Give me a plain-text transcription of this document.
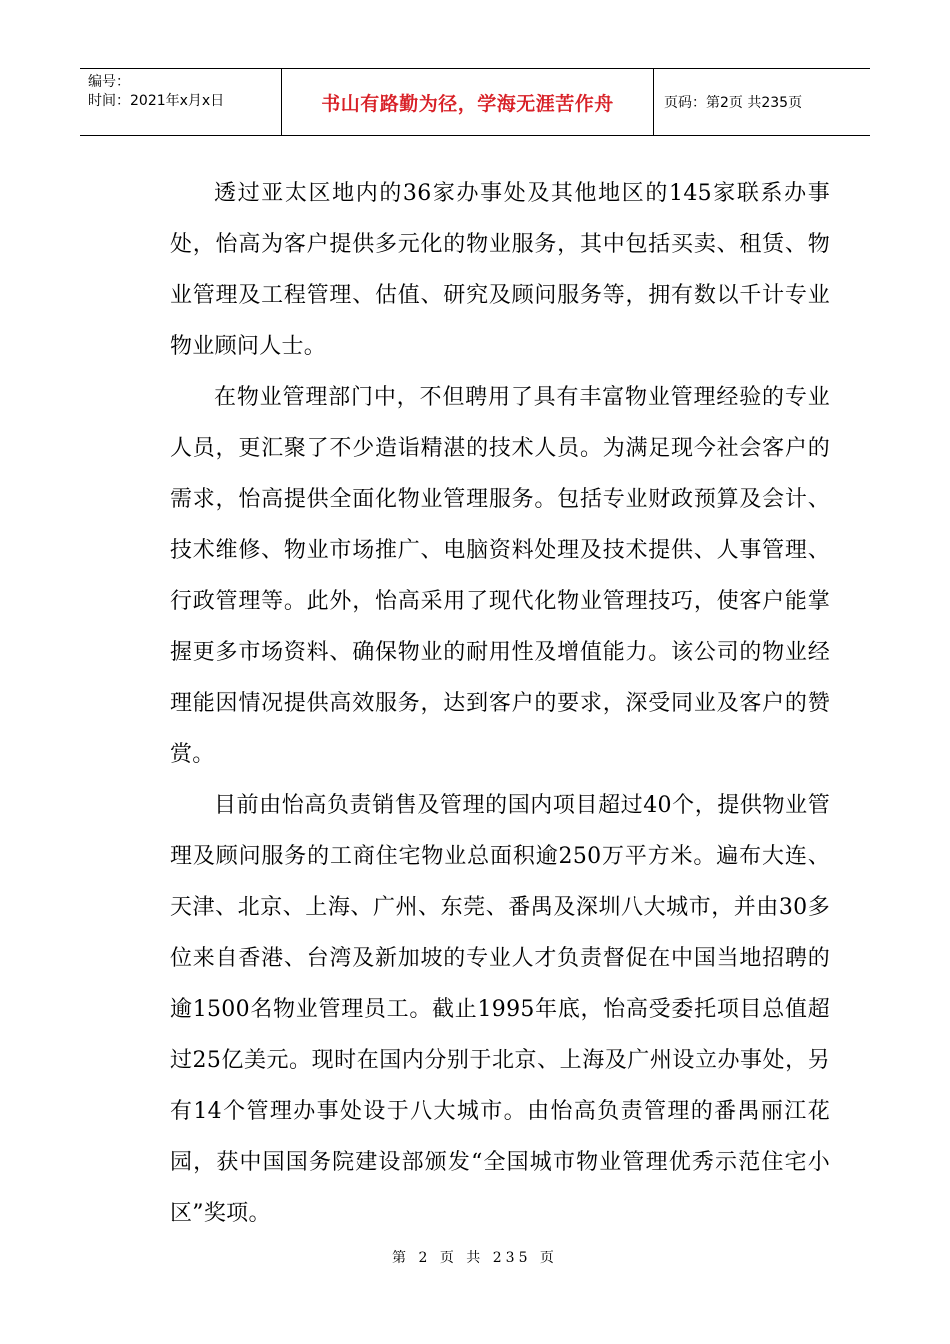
编号：
时间：2021年x月x日	书山有路勤为径，学海无涯苦作舟	页码：第2页 共235页

透过亚太区地内的36家办事处及其他地区的145家联系办事处，怡高为客户提供多元化的物业服务，其中包括买卖、租赁、物业管理及工程管理、估值、研究及顾问服务等，拥有数以千计专业物业顾问人士。

在物业管理部门中，不但聘用了具有丰富物业管理经验的专业人员，更汇聚了不少造诣精湛的技术人员。为满足现今社会客户的需求，怡高提供全面化物业管理服务。包括专业财政预算及会计、技术维修、物业市场推广、电脑资料处理及技术提供、人事管理、行政管理等。此外，怡高采用了现代化物业管理技巧，使客户能掌握更多市场资料、确保物业的耐用性及增值能力。该公司的物业经理能因情况提供高效服务，达到客户的要求，深受同业及客户的赞赏。

目前由怡高负责销售及管理的国内项目超过40个，提供物业管理及顾问服务的工商住宅物业总面积逾250万平方米。遍布大连、天津、北京、上海、广州、东莞、番禺及深圳八大城市，并由30多位来自香港、台湾及新加坡的专业人才负责督促在中国当地招聘的逾1500名物业管理员工。截止1995年底，怡高受委托项目总值超过25亿美元。现时在国内分别于北京、上海及广州设立办事处，另有14个管理办事处设于八大城市。由怡高负责管理的番禺丽江花园，获中国国务院建设部颁发“全国城市物业管理优秀示范住宅小区”奖项。

第 2 页 共 235 页
